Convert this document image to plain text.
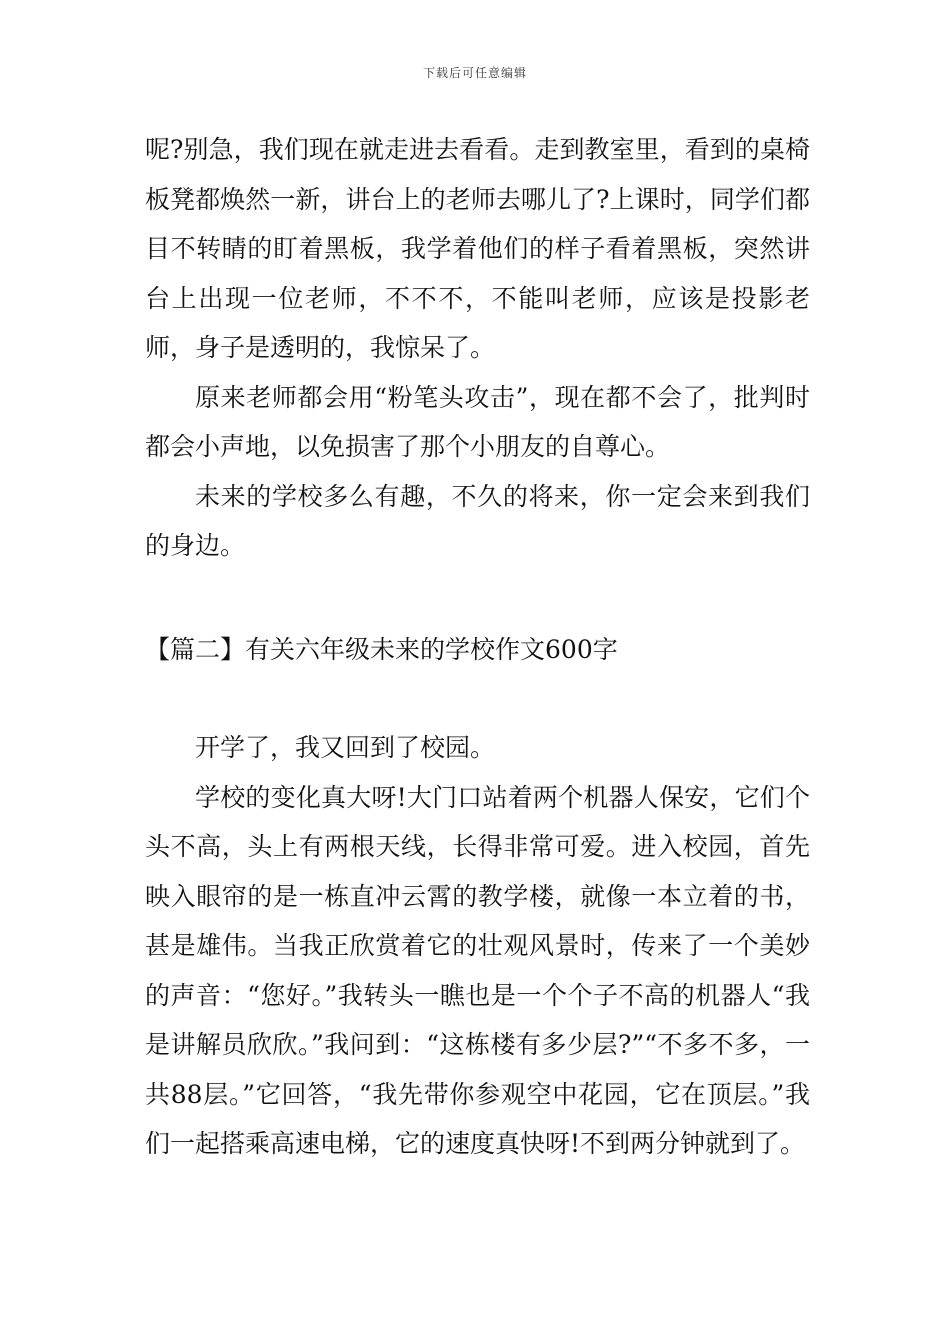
下载后可任意编辑

呢?别急，我们现在就走进去看看。走到教室里，看到的桌椅板凳都焕然一新，讲台上的老师去哪儿了?上课时，同学们都目不转睛的盯着黑板，我学着他们的样子看着黑板，突然讲台上出现一位老师，不不不，不能叫老师，应该是投影老师，身子是透明的，我惊呆了。

原来老师都会用“粉笔头攻击”，现在都不会了，批判时都会小声地，以免损害了那个小朋友的自尊心。

未来的学校多么有趣，不久的将来，你一定会来到我们的身边。

【篇二】有关六年级未来的学校作文600字

开学了，我又回到了校园。

学校的变化真大呀!大门口站着两个机器人保安，它们个头不高，头上有两根天线，长得非常可爱。进入校园，首先映入眼帘的是一栋直冲云霄的教学楼，就像一本立着的书，甚是雄伟。当我正欣赏着它的壮观风景时，传来了一个美妙的声音：“您好。”我转头一瞧也是一个个子不高的机器人“我是讲解员欣欣。”我问到：“这栋楼有多少层?”“不多不多，一共88层。”它回答，“我先带你参观空中花园，它在顶层。”我们一起搭乘高速电梯，它的速度真快呀!不到两分钟就到了。
